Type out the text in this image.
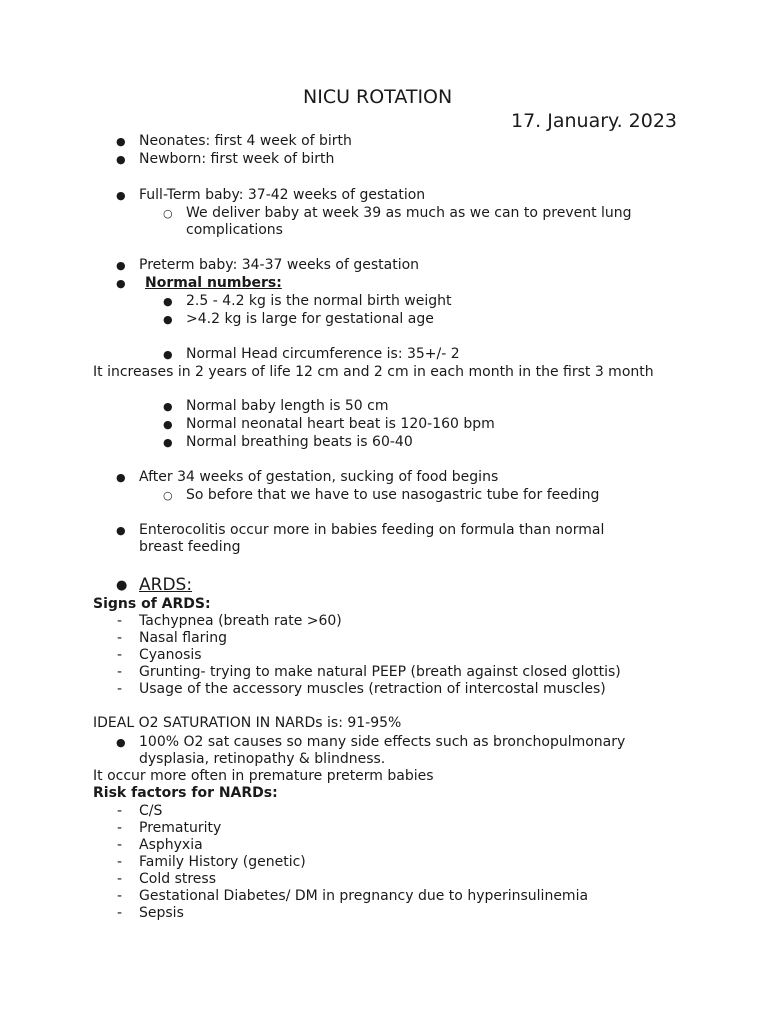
NICU ROTATION
17. January. 2023
● Neonates: first 4 week of birth
● Newborn: first week of birth
● Full-Term baby: 37-42 weeks of gestation
○ We deliver baby at week 39 as much as we can to prevent lung
complications
● Preterm baby: 34-37 weeks of gestation
● Normal numbers:
● 2.5 - 4.2 kg is the normal birth weight
● >4.2 kg is large for gestational age
● Normal Head circumference is: 35+/- 2
It increases in 2 years of life 12 cm and 2 cm in each month in the first 3 month
● Normal baby length is 50 cm
● Normal neonatal heart beat is 120-160 bpm
● Normal breathing beats is 60-40
● After 34 weeks of gestation, sucking of food begins
○ So before that we have to use nasogastric tube for feeding
● Enterocolitis occur more in babies feeding on formula than normal
breast feeding
● ARDS:
Signs of ARDS:
- Tachypnea (breath rate >60)
- Nasal flaring
- Cyanosis
- Grunting- trying to make natural PEEP (breath against closed glottis)
- Usage of the accessory muscles (retraction of intercostal muscles)
IDEAL O2 SATURATION IN NARDs is: 91-95%
● 100% O2 sat causes so many side effects such as bronchopulmonary
dysplasia, retinopathy & blindness.
It occur more often in premature preterm babies
Risk factors for NARDs:
- C/S
- Prematurity
- Asphyxia
- Family History (genetic)
- Cold stress
- Gestational Diabetes/ DM in pregnancy due to hyperinsulinemia
- Sepsis
